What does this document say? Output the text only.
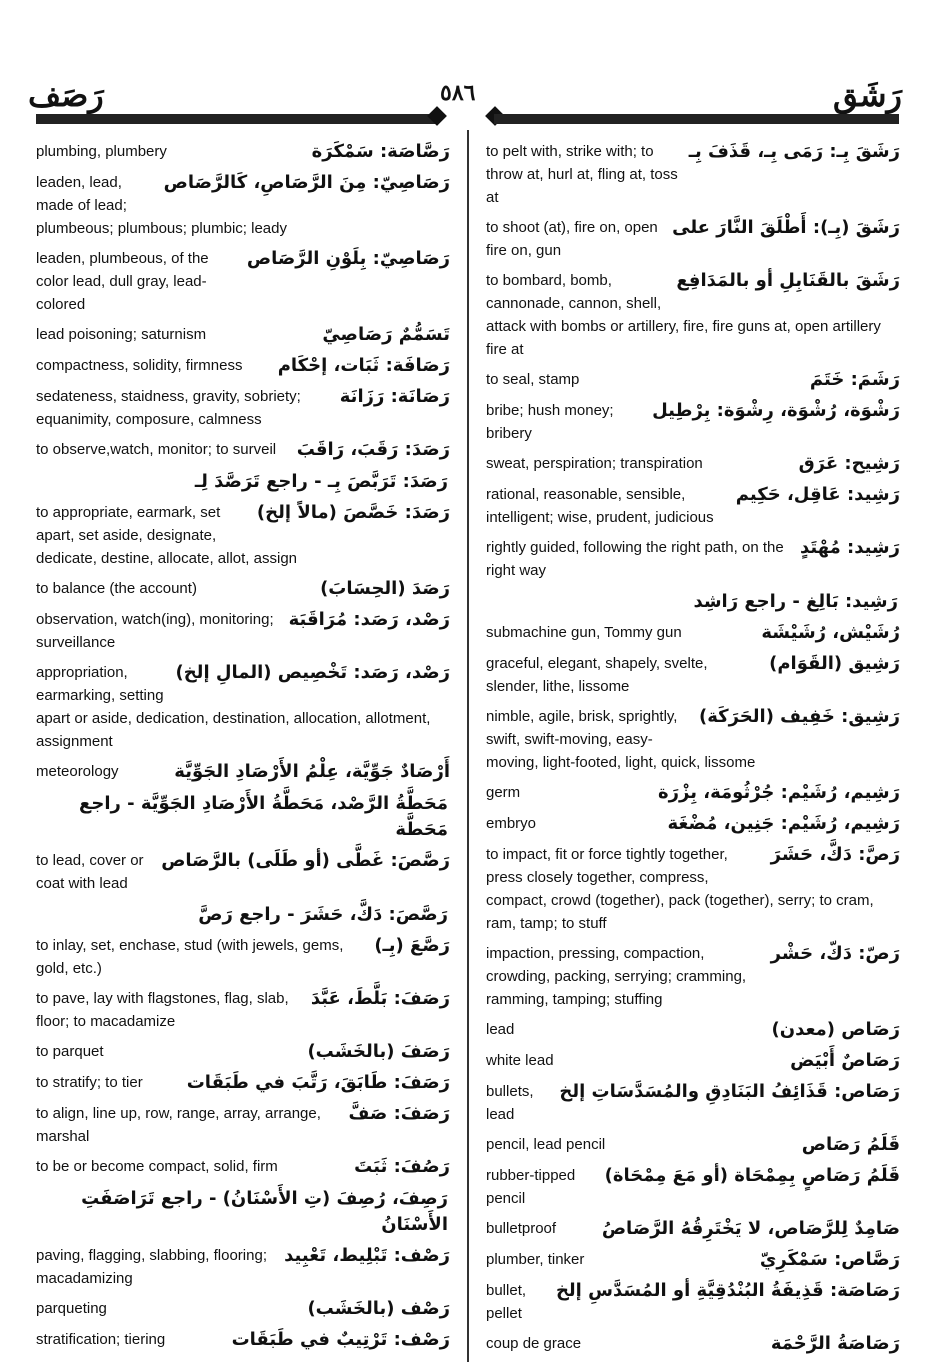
رَصَف	٥٨٦	رَشَق
رَصَّاصَة: سَمْكَرَة
plumbing, plumbery
رَصَاصِيّ: مِنَ الرَّصَاصِ، كَالرَّصَاص
leaden, lead, made of lead; plumbeous; plumbous; plumbic; leady
رَصَاصِيّ: بِلَوْنِ الرَّصَاص
leaden, plumbeous, of the color lead, dull gray, lead-colored
تَسَمُّمٌ رَصَاصِيّ
lead poisoning; saturnism
رَصَافَة: ثَبَات، إحْكَام
compactness, solidity, firmness
رَصَانَة: رَزَانَة
sedateness, staidness, gravity, sobriety; equanimity, composure, calmness
رَصَدَ: رَقَبَ، رَاقَبَ
to observe,watch, monitor; to surveil
رَصَدَ: تَرَبَّصَ بِـ - راجع تَرَصَّدَ لِـ
رَصَدَ: خَصَّصَ (مالاً إلخ)
to appropriate, earmark, set apart, set aside, designate, dedicate, destine, allocate, allot, assign
رَصَدَ (الحِسَابَ)
to balance (the account)
رَصْد، رَصَد: مُرَاقَبَة
observation, watch(ing), monitoring; surveillance
رَصْد، رَصَد: تَخْصِيص (المالِ إلخ)
appropriation, earmarking, setting apart or aside, dedication, destination, allocation, allotment, assignment
أَرْصَادٌ جَوِّيَّة، عِلْمُ الأَرْصَادِ الجَوِّيَّة
meteorology
مَحَطَّةُ الرَّصْد، مَحَطَّةُ الأَرْصَادِ الجَوِّيَّة - راجع مَحَطَّة
رَصَّصَ: غَطَّى (أو طَلَى) بالرَّصَاص
to lead, cover or coat with lead
رَصَّصَ: دَكَّ، حَشَرَ - راجع رَصَّ
رَصَّعَ (بِـ)
to inlay, set, enchase, stud (with jewels, gems, gold, etc.)
رَصَفَ: بَلَّطَ، عَبَّدَ
to pave, lay with flagstones, flag, slab, floor; to macadamize
رَصَفَ (بالخَشَب)
to parquet
رَصَفَ: طَابَقَ، رَتَّبَ في طَبَقَات
to stratify; to tier
رَصَفَ: صَفَّ
to align, line up, row, range, array, arrange, marshal
رَصُفَ: ثَبَتَ
to be or become compact, solid, firm
رَصِفَ، رُصِفَ (تِ الأَسْنَانُ) - راجع تَرَاصَفَتِ الأَسْنَانُ
رَصْف: تَبْلِيط، تَعْبِيد
paving, flagging, slabbing, flooring; macadamizing
رَصْف (بالخَشَب)
parqueting
رَصْف: تَرْتِيبٌ في طَبَقَات
stratification; tiering
رَشَقَ بِـ: رَمَى بِـ، قَذَفَ بِـ
to pelt with, strike with; to throw at, hurl at, fling at, toss at
رَشَقَ (بِـ): أَطْلَقَ النَّارَ على
to shoot (at), fire on, open fire on, gun
رَشَقَ بالقَنَابِلِ أو بالمَدَافِع
to bombard, bomb, cannonade, cannon, shell, attack with bombs or artillery, fire, fire guns at, open artillery fire at
رَشَمَ: خَتَمَ
to seal, stamp
رَشْوَة، رُشْوَة، رِشْوَة: بِرْطِيل
bribe; hush money; bribery
رَشِيح: عَرَق
sweat, perspiration; transpiration
رَشِيد: عَاقِل، حَكِيم
rational, reasonable, sensible, intelligent; wise, prudent, judicious
رَشِيد: مُهْتَدٍ
rightly guided, following the right path, on the right way
رَشِيد: بَالِغ - راجع رَاشِد
رُشَيْش، رُشَيْشَة
submachine gun, Tommy gun
رَشِيق (القَوَام)
graceful, elegant, shapely, svelte, slender, lithe, lissome
رَشِيق: خَفِيف (الحَرَكَة)
nimble, agile, brisk, sprightly, swift, swift-moving, easy-moving, light-footed, light, quick, lissome
رَشِيم، رُشَيْم: جُرْثُومَة، بِزْرَة
germ
رَشِيم، رُشَيْم: جَنِين، مُضْغَة
embryo
رَصَّ: دَكَّ، حَشَرَ
to impact, fit or force tightly together, press closely together, compress, compact, crowd (together), pack (together), serry; to cram, ram, tamp; to stuff
رَصّ: دَكّ، حَشْر
impaction, pressing, compaction, crowding, packing, serrying; cramming, ramming, tamping; stuffing
رَصَاص (معدن)
lead
رَصَاصٌ أَبْيَض
white lead
رَصَاص: قَذَائِفُ البَنَادِقِ والمُسَدَّسَاتِ إلخ
bullets, lead
قَلَمُ رَصَاص
pencil, lead pencil
قَلَمُ رَصَاصٍ بِمِمْحَاة (أو مَعَ مِمْحَاة)
rubber-tipped pencil
صَامِدٌ لِلرَّصَاص، لا يَخْتَرِقُهُ الرَّصَاصُ
bulletproof
رَصَّاص: سَمْكَرِيّ
plumber, tinker
رَصَاصَة: قَذِيفَةُ البُنْدُقِيَّةِ أو المُسَدَّسِ إلخ
bullet, pellet
رَصَاصَةُ الرَّحْمَة
coup de grace
